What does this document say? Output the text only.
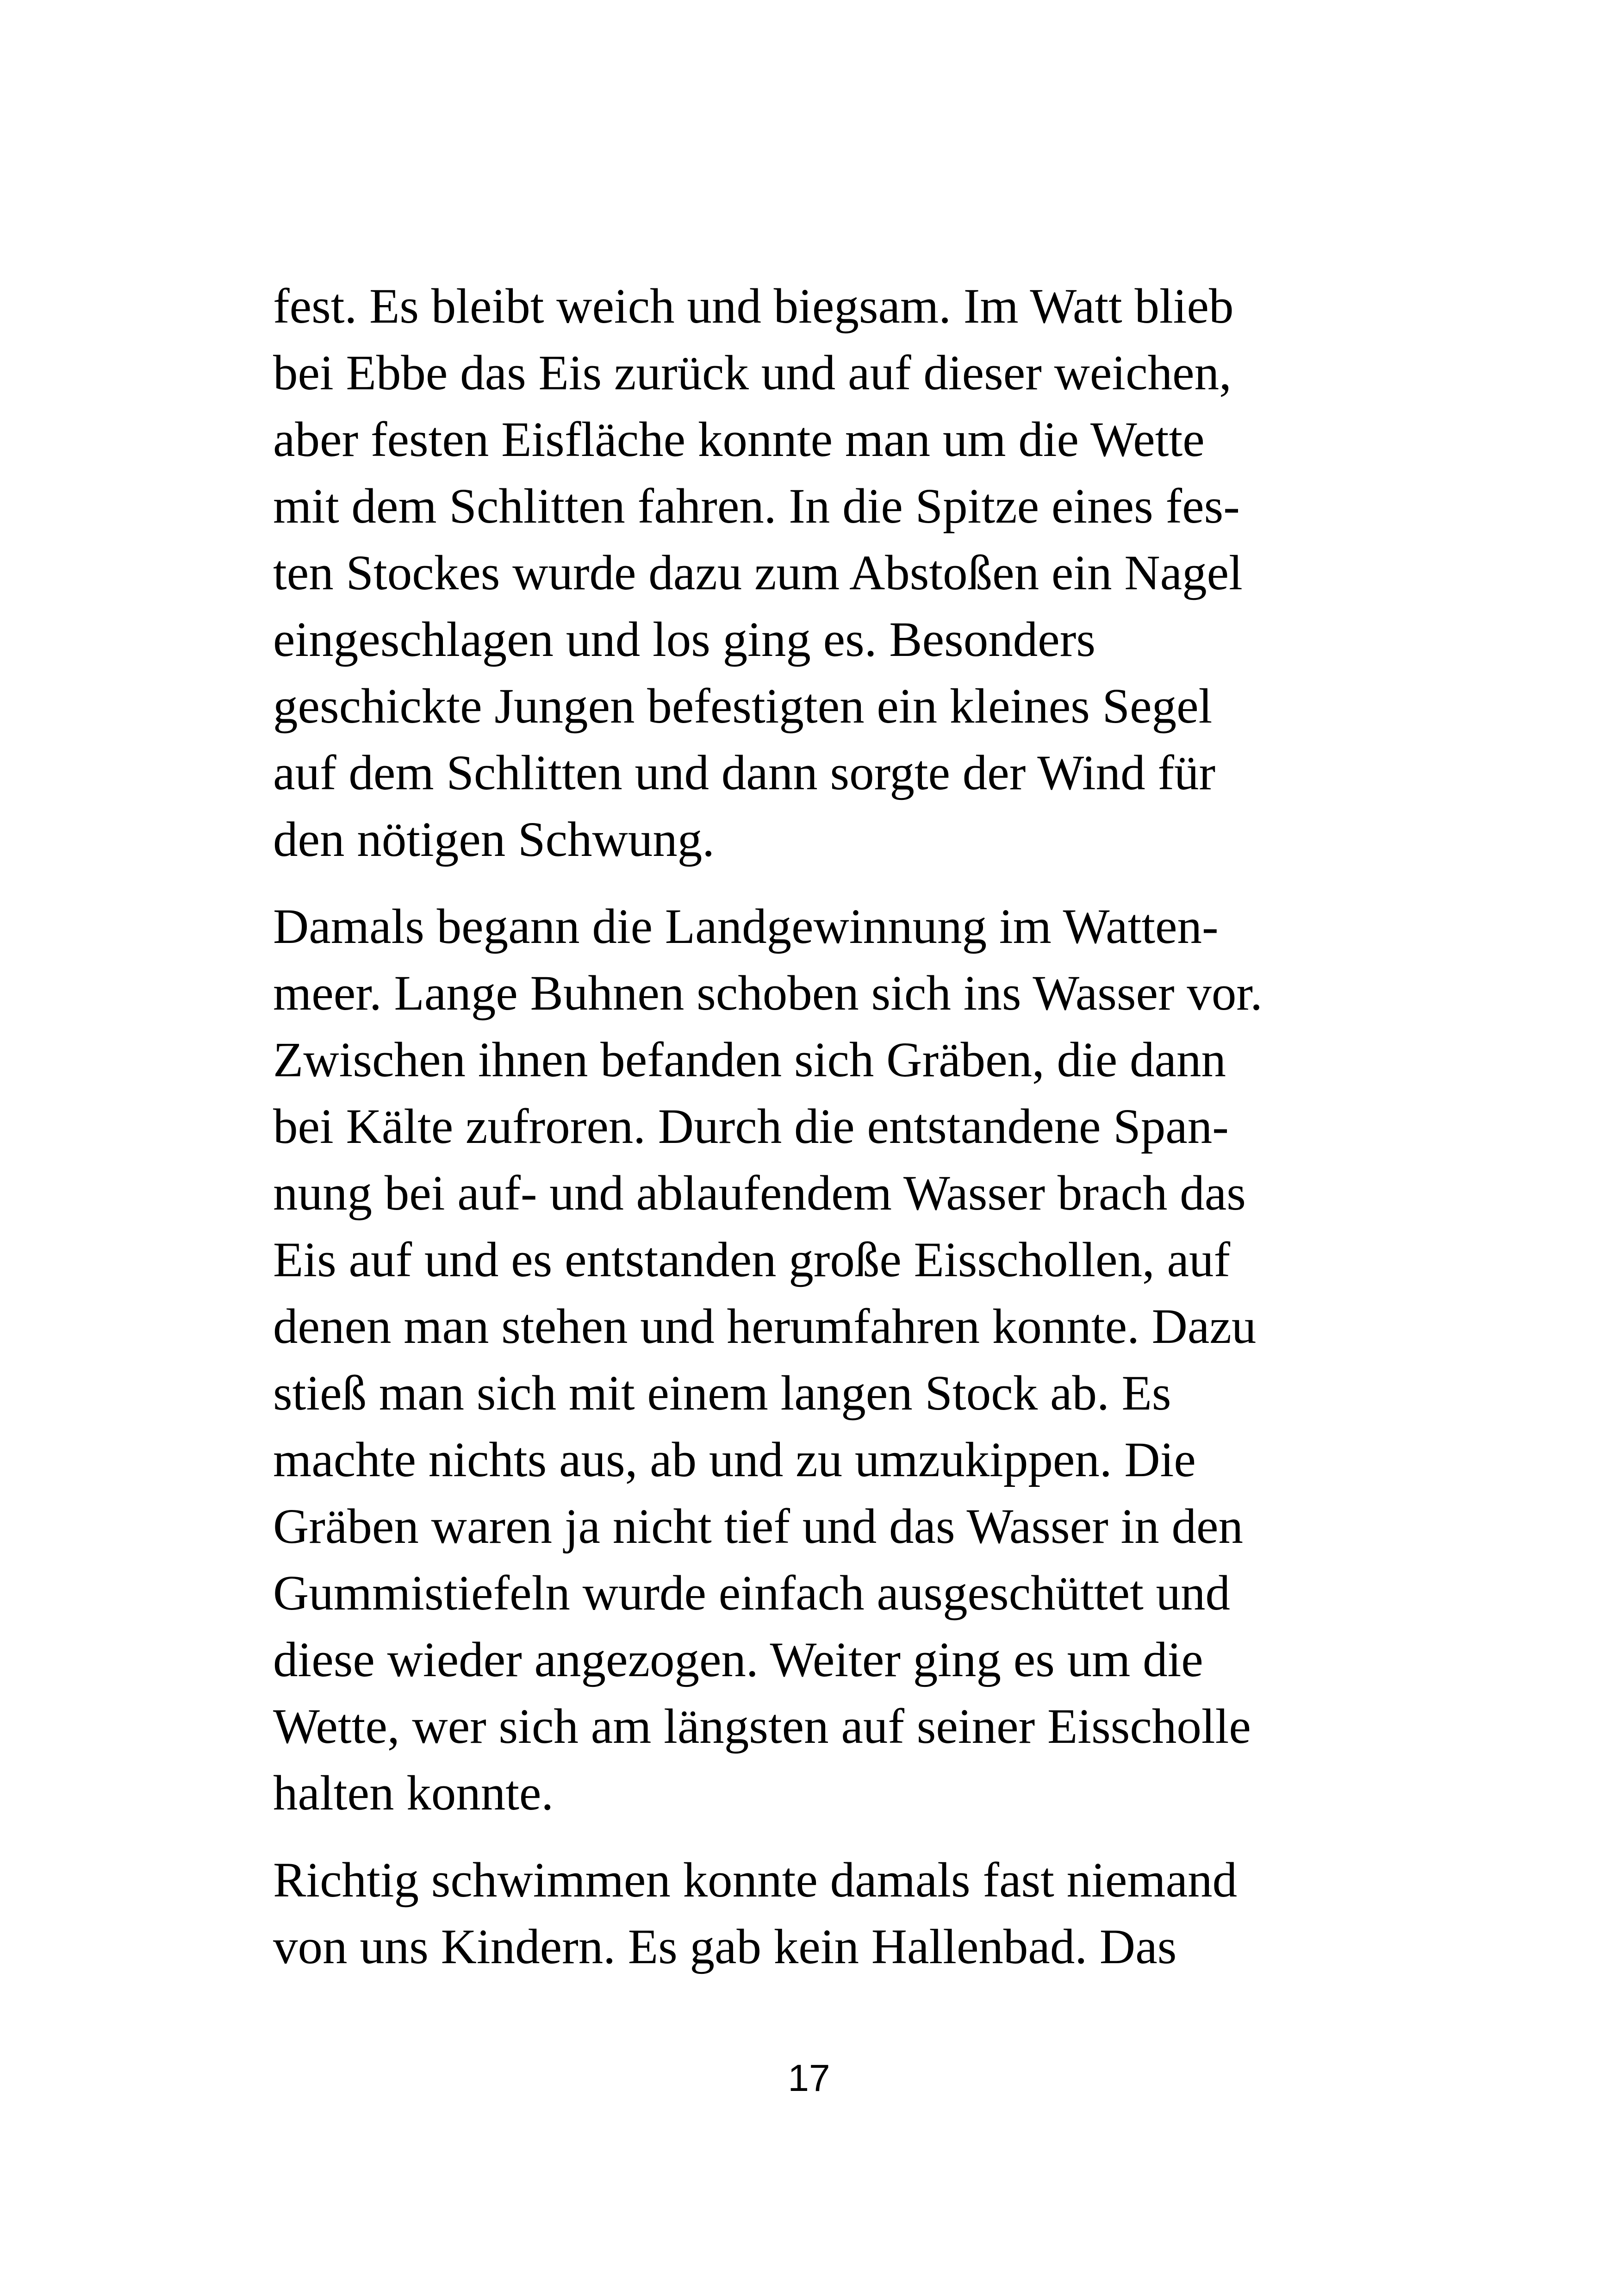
fest. Es bleibt weich und biegsam. Im Watt blieb
bei Ebbe das Eis zurück und auf dieser weichen,
aber festen Eisfläche konnte man um die Wette
mit dem Schlitten fahren. In die Spitze eines fes-
ten Stockes wurde dazu zum Abstoßen ein Nagel
eingeschlagen und los ging es. Besonders
geschickte Jungen befestigten ein kleines Segel
auf dem Schlitten und dann sorgte der Wind für
den nötigen Schwung.
Damals begann die Landgewinnung im Watten-
meer. Lange Buhnen schoben sich ins Wasser vor.
Zwischen ihnen befanden sich Gräben, die dann
bei Kälte zufroren. Durch die entstandene Span-
nung bei auf- und ablaufendem Wasser brach das
Eis auf und es entstanden große Eisschollen, auf
denen man stehen und herumfahren konnte. Dazu
stieß man sich mit einem langen Stock ab. Es
machte nichts aus, ab und zu umzukippen. Die
Gräben waren ja nicht tief und das Wasser in den
Gummistiefeln wurde einfach ausgeschüttet und
diese wieder angezogen. Weiter ging es um die
Wette, wer sich am längsten auf seiner Eisscholle
halten konnte.
Richtig schwimmen konnte damals fast niemand
von uns Kindern. Es gab kein Hallenbad. Das
17
